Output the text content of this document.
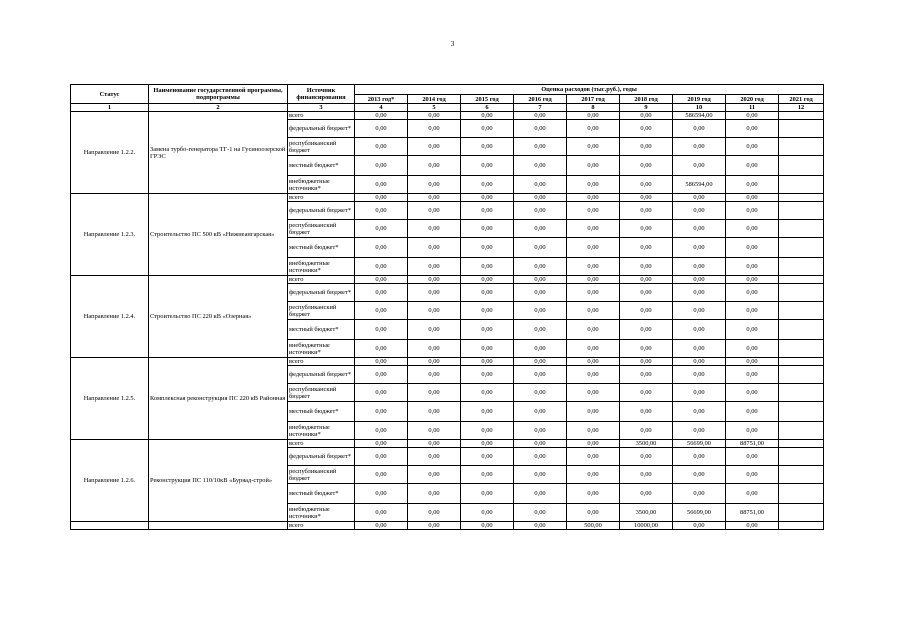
3
Статус	Наименование государственной программы, подпрограммы	Источник финансирования	Оценка расходов (тыс.руб.), годы								
			2013 год*	2014 год	2015 год	2016 год	2017 год	2018 год	2019 год	2020 год	2021 год
1	2	3	4	5	6	7	8	9	10	11	12
Направление 1.2.2.	Замена турбо-генератора ТГ-1 на Гусиноозерской ГРЭС	всего	0,00	0,00	0,00	0,00	0,00	0,00	586594,00	0,00	
		федеральный бюджет*	0,00	0,00	0,00	0,00	0,00	0,00	0,00	0,00	
		республиканский бюджет	0,00	0,00	0,00	0,00	0,00	0,00	0,00	0,00	
		местный бюджет*	0,00	0,00	0,00	0,00	0,00	0,00	0,00	0,00	
		внебюджетные источники*	0,00	0,00	0,00	0,00	0,00	0,00	586594,00	0,00	
Направление 1.2.3.	Строительство ПС 500 кВ «Нижнеангарская»	всего	0,00	0,00	0,00	0,00	0,00	0,00	0,00	0,00	
		федеральный бюджет*	0,00	0,00	0,00	0,00	0,00	0,00	0,00	0,00	
		республиканский бюджет	0,00	0,00	0,00	0,00	0,00	0,00	0,00	0,00	
		местный бюджет*	0,00	0,00	0,00	0,00	0,00	0,00	0,00	0,00	
		внебюджетные источники*	0,00	0,00	0,00	0,00	0,00	0,00	0,00	0,00	
Направление 1.2.4.	Строительство ПС 220 кВ «Озерная»	всего	0,00	0,00	0,00	0,00	0,00	0,00	0,00	0,00	
		федеральный бюджет*	0,00	0,00	0,00	0,00	0,00	0,00	0,00	0,00	
		республиканский бюджет	0,00	0,00	0,00	0,00	0,00	0,00	0,00	0,00	
		местный бюджет*	0,00	0,00	0,00	0,00	0,00	0,00	0,00	0,00	
		внебюджетные источники*	0,00	0,00	0,00	0,00	0,00	0,00	0,00	0,00	
Направление 1.2.5.	Комплексная реконструкция ПС 220 кВ Районная	всего	0,00	0,00	0,00	0,00	0,00	0,00	0,00	0,00	
		федеральный бюджет*	0,00	0,00	0,00	0,00	0,00	0,00	0,00	0,00	
		республиканский бюджет	0,00	0,00	0,00	0,00	0,00	0,00	0,00	0,00	
		местный бюджет*	0,00	0,00	0,00	0,00	0,00	0,00	0,00	0,00	
		внебюджетные источники*	0,00	0,00	0,00	0,00	0,00	0,00	0,00	0,00	
Направление 1.2.6.	Реконструкция ПС 110/10кВ «Буряад-строй»	всего	0,00	0,00	0,00	0,00	0,00	3500,00	56699,00	88751,00	
		федеральный бюджет*	0,00	0,00	0,00	0,00	0,00	0,00	0,00	0,00	
		республиканский бюджет	0,00	0,00	0,00	0,00	0,00	0,00	0,00	0,00	
		местный бюджет*	0,00	0,00	0,00	0,00	0,00	0,00	0,00	0,00	
		внебюджетные источники*	0,00	0,00	0,00	0,00	0,00	3500,00	56699,00	88751,00	
		всего	0,00	0,00	0,00	0,00	500,00	10000,00	0,00	0,00	
